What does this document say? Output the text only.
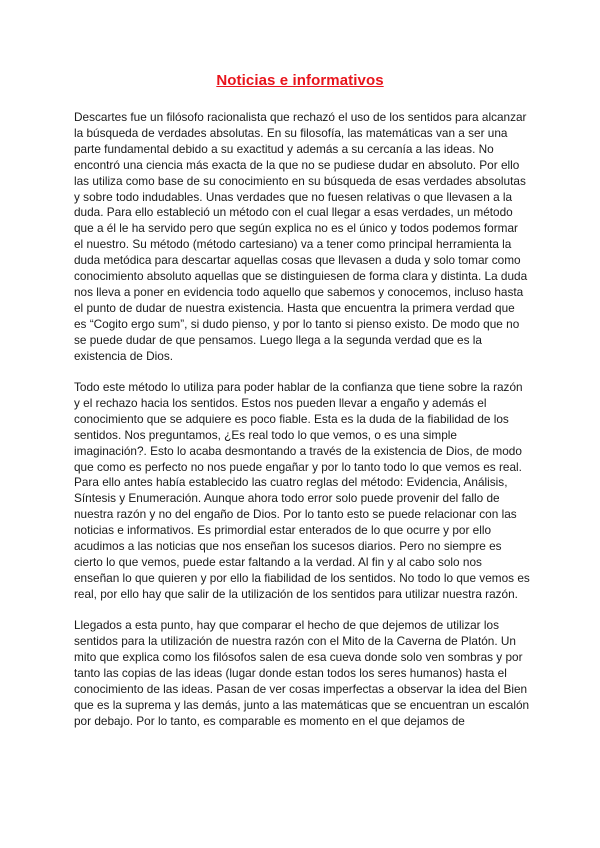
Noticias e informativos

Descartes fue un filósofo racionalista que rechazó el uso de los sentidos para alcanzar la búsqueda de verdades absolutas. En su filosofía, las matemáticas van a ser una parte fundamental debido a su exactitud y además a su cercanía a las ideas. No encontró una ciencia más exacta de la que no se pudiese dudar en absoluto. Por ello las utiliza como base de su conocimiento en su búsqueda de esas verdades absolutas y sobre todo indudables. Unas verdades que no fuesen relativas o que llevasen a la duda. Para ello estableció un método con el cual llegar a esas verdades, un método que a él le ha servido pero que según explica no es el único y todos podemos formar el nuestro. Su método (método cartesiano) va a tener como principal herramienta la duda metódica para descartar aquellas cosas que llevasen a duda y solo tomar como conocimiento absoluto aquellas que se distinguiesen de forma clara y distinta. La duda nos lleva a poner en evidencia todo aquello que sabemos y conocemos, incluso hasta el punto de dudar de nuestra existencia. Hasta que encuentra la primera verdad que es “Cogito ergo sum”, si dudo pienso, y por lo tanto si pienso existo. De modo que no se puede dudar de que pensamos. Luego llega a la segunda verdad que es la existencia de Dios.

Todo este método lo utiliza para poder hablar de la confianza que tiene sobre la razón y el rechazo hacia los sentidos. Estos nos pueden llevar a engaño y además el conocimiento que se adquiere es poco fiable. Esta es la duda de la fiabilidad de los sentidos. Nos preguntamos, ¿Es real todo lo que vemos, o es una simple imaginación?. Esto lo acaba desmontando a través de la existencia de Dios, de modo que como es perfecto no nos puede engañar y por lo tanto todo lo que vemos es real. Para ello antes había establecido las cuatro reglas del método: Evidencia, Análisis, Síntesis y Enumeración. Aunque ahora todo error solo puede provenir del fallo de nuestra razón y no del engaño de Dios. Por lo tanto esto se puede relacionar con las noticias e informativos. Es primordial estar enterados de lo que ocurre y por ello acudimos a las noticias que nos enseñan los sucesos diarios. Pero no siempre es cierto lo que vemos, puede estar faltando a la verdad. Al fin y al cabo solo nos enseñan lo que quieren y por ello la fiabilidad de los sentidos. No todo lo que vemos es real, por ello hay que salir de la utilización de los sentidos para utilizar nuestra razón.

Llegados a esta punto, hay que comparar el hecho de que dejemos de utilizar los sentidos para la utilización de nuestra razón con el Mito de la Caverna de Platón. Un mito que explica como los filósofos salen de esa cueva donde solo ven sombras y por tanto las copias de las ideas (lugar donde estan todos los seres humanos) hasta el conocimiento de las ideas. Pasan de ver cosas imperfectas a observar la idea del Bien que es la suprema y las demás, junto a las matemáticas que se encuentran un escalón por debajo. Por lo tanto, es comparable es momento en el que dejamos de
